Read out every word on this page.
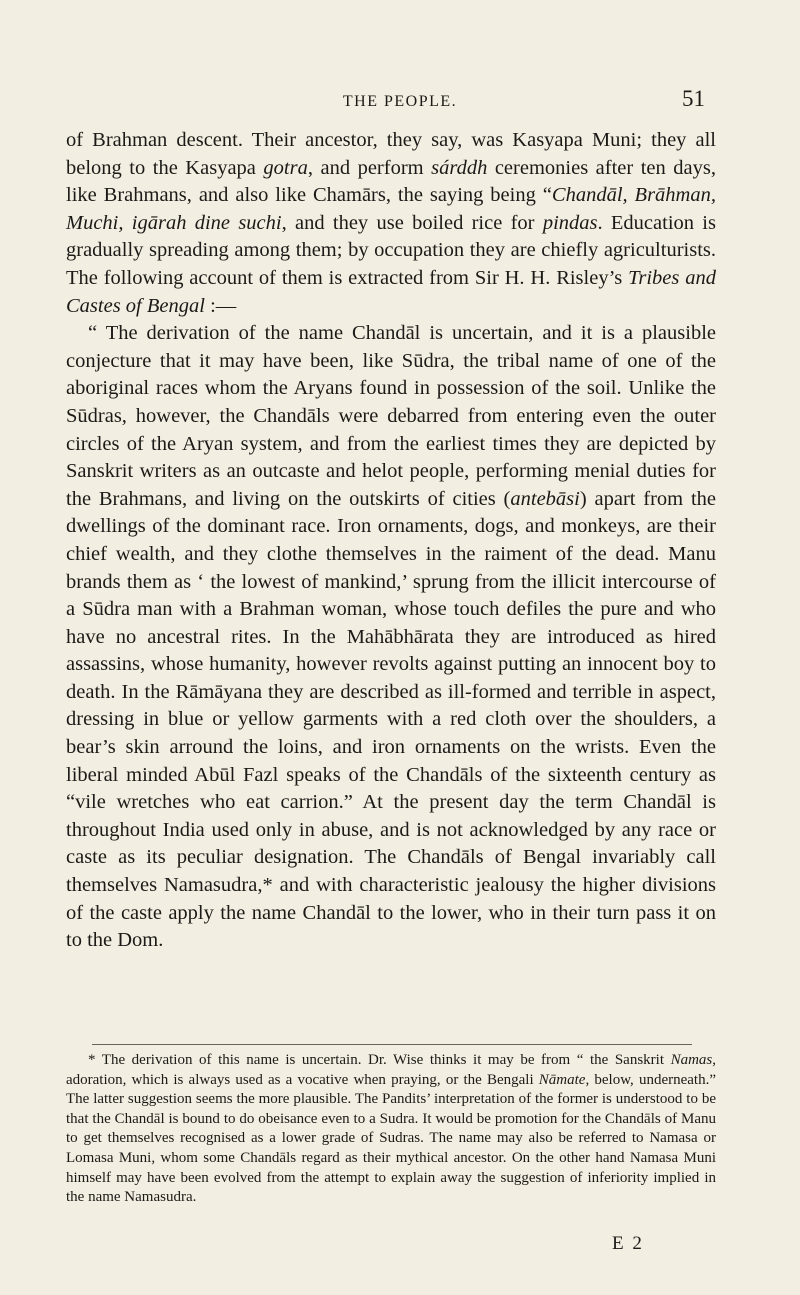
THE PEOPLE.	51

of Brahman descent. Their ancestor, they say, was Kasyapa Muni; they all belong to the Kasyapa gotra, and perform sárddh ceremonies after ten days, like Brahmans, and also like Chamārs, the saying being “Chandāl, Brāhman, Muchi, igārah dine suchi, and they use boiled rice for pindas. Education is gradually spreading among them; by occupation they are chiefly agriculturists. The following account of them is extracted from Sir H. H. Risley’s Tribes and Castes of Bengal :—

“ The derivation of the name Chandāl is uncertain, and it is a plausible conjecture that it may have been, like Sūdra, the tribal name of one of the aboriginal races whom the Aryans found in possession of the soil. Unlike the Sūdras, however, the Chandāls were debarred from entering even the outer circles of the Aryan system, and from the earliest times they are depicted by Sanskrit writers as an outcaste and helot people, performing menial duties for the Brahmans, and living on the outskirts of cities (antebāsi) apart from the dwellings of the dominant race. Iron ornaments, dogs, and monkeys, are their chief wealth, and they clothe themselves in the raiment of the dead. Manu brands them as ‘ the lowest of mankind,’ sprung from the illicit intercourse of a Sūdra man with a Brahman woman, whose touch defiles the pure and who have no ancestral rites. In the Mahābhārata they are introduced as hired assassins, whose humanity, however revolts against putting an innocent boy to death. In the Rāmāyana they are described as ill-formed and terrible in aspect, dressing in blue or yellow garments with a red cloth over the shoulders, a bear’s skin arround the loins, and iron ornaments on the wrists. Even the liberal minded Abūl Fazl speaks of the Chandāls of the sixteenth century as “vile wretches who eat carrion.” At the present day the term Chandāl is throughout India used only in abuse, and is not acknowledged by any race or caste as its peculiar designation. The Chandāls of Bengal invariably call themselves Namasudra,* and with characteristic jealousy the higher divisions of the caste apply the name Chandāl to the lower, who in their turn pass it on to the Dom.

* The derivation of this name is uncertain. Dr. Wise thinks it may be from “ the Sanskrit Namas, adoration, which is always used as a vocative when praying, or the Bengali Nāmate, below, underneath.” The latter suggestion seems the more plausible. The Pandits’ interpretation of the former is understood to be that the Chandāl is bound to do obeisance even to a Sudra. It would be promotion for the Chandāls of Manu to get themselves recognised as a lower grade of Sudras. The name may also be referred to Namasa or Lomasa Muni, whom some Chandāls regard as their mythical ancestor. On the other hand Namasa Muni himself may have been evolved from the attempt to explain away the suggestion of inferiority implied in the name Namasudra.
E 2
